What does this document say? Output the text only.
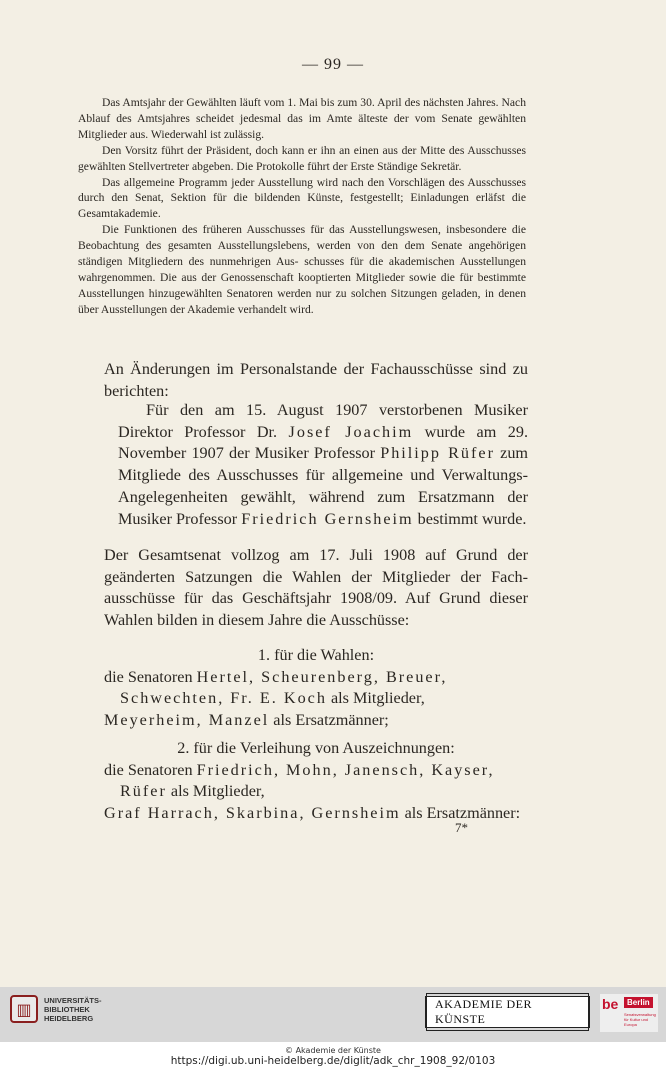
— 99 —

Das Amtsjahr der Gewählten läuft vom 1. Mai bis zum 30. April des nächsten Jahres. Nach Ablauf des Amtsjahres scheidet jedesmal das im Amte älteste der vom Senate gewählten Mitglieder aus. Wiederwahl ist zulässig.

Den Vorsitz führt der Präsident, doch kann er ihn an einen aus der Mitte des Ausschusses gewählten Stellvertreter abgeben. Die Protokolle führt der Erste Ständige Sekretär.

Das allgemeine Programm jeder Ausstellung wird nach den Vorschlägen des Ausschusses durch den Senat, Sektion für die bildenden Künste, festgestellt; Einladungen erläfst die Gesamtakademie.

Die Funktionen des früheren Ausschusses für das Ausstellungswesen, insbesondere die Beobachtung des gesamten Ausstellungslebens, werden von den dem Senate angehörigen ständigen Mitgliedern des nunmehrigen Aus- schusses für die akademischen Ausstellungen wahrgenommen. Die aus der Genossenschaft kooptierten Mitglieder sowie die für bestimmte Ausstellungen hinzugewählten Senatoren werden nur zu solchen Sitzungen geladen, in denen über Ausstellungen der Akademie verhandelt wird.

An Änderungen im Personalstande der Fachausschüsse sind zu berichten:

Für den am 15. August 1907 verstorbenen Musiker Direktor Professor Dr. Josef Joachim wurde am 29. November 1907 der Musiker Professor Philipp Rüfer zum Mitgliede des Ausschusses für allgemeine und Verwaltungs-Angelegenheiten gewählt, während zum Ersatzmann der Musiker Professor Friedrich Gernsheim bestimmt wurde.

Der Gesamtsenat vollzog am 17. Juli 1908 auf Grund der geänderten Satzungen die Wahlen der Mitglieder der Fach- ausschüsse für das Geschäftsjahr 1908/09. Auf Grund dieser Wahlen bilden in diesem Jahre die Ausschüsse:

1. für die Wahlen:

die Senatoren Hertel, Scheurenberg, Breuer,

Schwechten, Fr. E. Koch als Mitglieder,

Meyerheim, Manzel als Ersatzmänner;

2. für die Verleihung von Auszeichnungen:

die Senatoren Friedrich, Mohn, Janensch, Kayser,

Rüfer als Mitglieder,

Graf Harrach, Skarbina, Gernsheim als Ersatzmänner:

7*
▥	UNIVERSITÄTS-
BIBLIOTHEK
HEIDELBERG
AKADEMIE DER KÜNSTE
be	Berlin
Senatsverwaltung
für Kultur und Europa
© Akademie der Künste
https://digi.ub.uni-heidelberg.de/diglit/adk_chr_1908_92/0103
